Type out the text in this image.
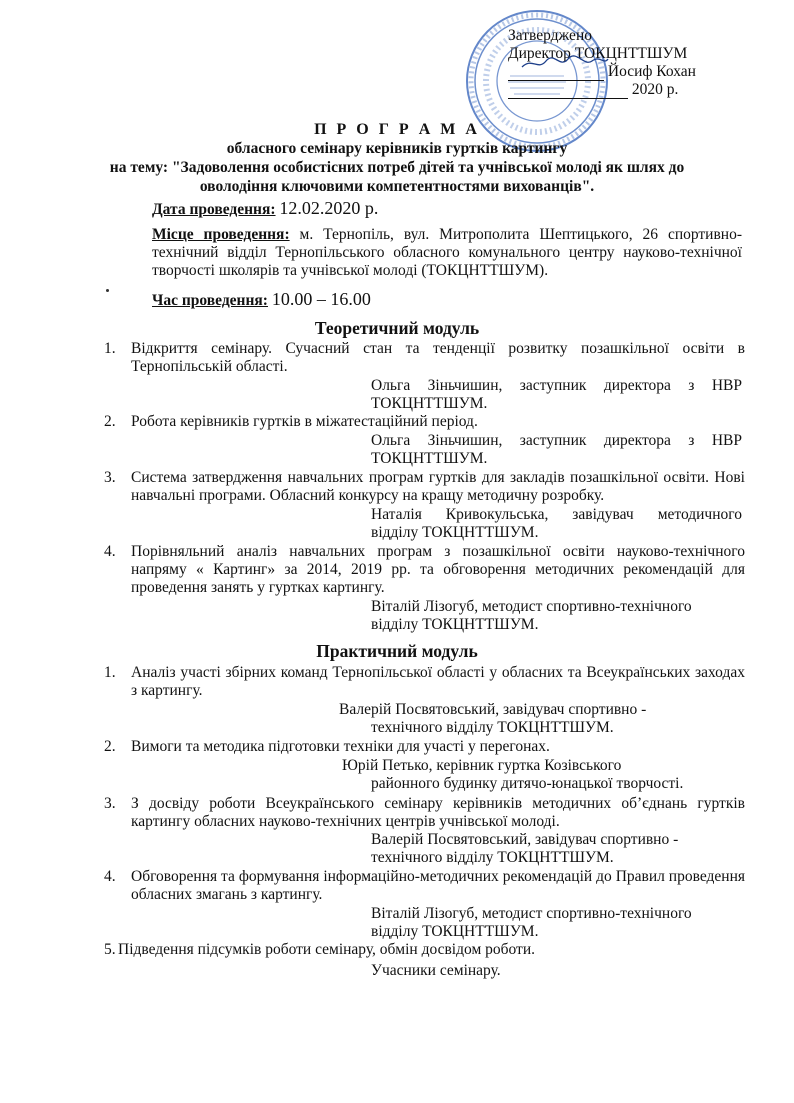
Затверджено
Директор ТОКЦНТТШУМ
Йосиф Кохан
2020 р.
П Р О Г Р А М А
обласного семінару керівників гуртків картингу
на тему: "Задоволення особистісних потреб дітей та учнівської молоді як шлях до
оволодіння ключовими компетентностями вихованців".
Дата проведення: 12.02.2020 р.
Місце проведення: м. Тернопіль, вул. Митрополита Шептицького, 26 спортивно-технічний відділ Тернопільського обласного комунального центру науково-технічної творчості школярів та учнівської молоді (ТОКЦНТТШУМ).
Час проведення: 10.00 – 16.00
Теоретичний модуль
1. Відкриття семінару. Сучасний стан та тенденції розвитку позашкільної освіти в Тернопільській області.
Ольга Зіньчишин, заступник директора з НВР
ТОКЦНТТШУМ.
2. Робота керівників гуртків в міжатестаційний період.
Ольга Зіньчишин, заступник директора з НВР
ТОКЦНТТШУМ.
3. Система затвердження навчальних програм гуртків для закладів позашкільної освіти. Нові навчальні програми. Обласний конкурсу на кращу методичну розробку.
Наталія Кривокульська, завідувач методичного
відділу ТОКЦНТТШУМ.
4. Порівняльний аналіз навчальних програм з позашкільної освіти науково-технічного напряму « Картинг» за 2014, 2019 рр. та обговорення методичних рекомендацій для проведення занять у гуртках картингу.
Віталій Лізогуб, методист спортивно-технічного
відділу ТОКЦНТТШУМ.
Практичний модуль
1. Аналіз участі збірних команд Тернопільської області у обласних та Всеукраїнських заходах з картингу.
Валерій Посвятовський, завідувач спортивно -
технічного відділу ТОКЦНТТШУМ.
2. Вимоги та методика підготовки техніки для участі у перегонах.
Юрій Петько, керівник гуртка Козівського
районного будинку дитячо-юнацької творчості.
3. З досвіду роботи Всеукраїнського семінару керівників методичних об’єднань гуртків картингу обласних науково-технічних центрів учнівської молоді.
Валерій Посвятовський, завідувач спортивно -
технічного відділу ТОКЦНТТШУМ.
4. Обговорення та формування інформаційно-методичних рекомендацій до Правил проведення обласних змагань з картингу.
Віталій Лізогуб, методист спортивно-технічного
відділу ТОКЦНТТШУМ.
5. Підведення підсумків роботи семінару, обмін досвідом роботи.
Учасники семінару.
